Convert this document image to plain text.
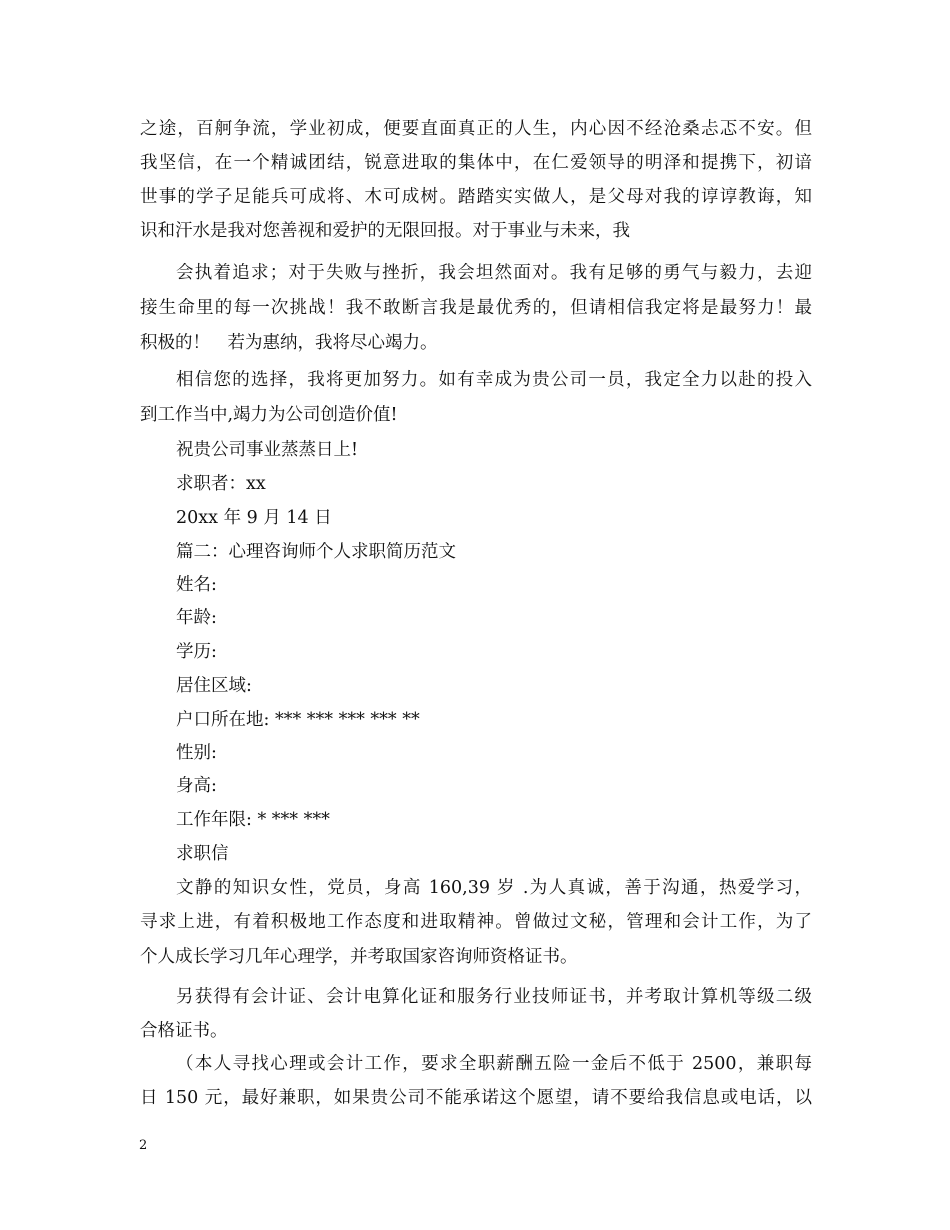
之途，百舸争流，学业初成，便要直面真正的人生，内心因不经沧桑忐忑不安。但
我坚信，在一个精诚团结，锐意进取的集体中，在仁爱领导的明泽和提携下，初谙
世事的学子足能兵可成将、木可成树。踏踏实实做人，是父母对我的谆谆教诲，知
识和汗水是我对您善视和爱护的无限回报。对于事业与未来，我
会执着追求；对于失败与挫折，我会坦然面对。我有足够的勇气与毅力，去迎
接生命里的每一次挑战！我不敢断言我是最优秀的，但请相信我定将是最努力！最
积极的！　若为惠纳，我将尽心竭力。
相信您的选择，我将更加努力。如有幸成为贵公司一员，我定全力以赴的投入
到工作当中,竭力为公司创造价值!
祝贵公司事业蒸蒸日上!
求职者：xx
20xx 年 9 月 14 日
篇二：心理咨询师个人求职简历范文
姓名:
年龄:
学历:
居住区域:
户口所在地: *** *** *** *** **
性别:
身高:
工作年限: * *** ***
求职信
文静的知识女性，党员，身高 160,39 岁 .为人真诚，善于沟通，热爱学习，
寻求上进，有着积极地工作态度和进取精神。曾做过文秘，管理和会计工作，为了
个人成长学习几年心理学，并考取国家咨询师资格证书。
另获得有会计证、会计电算化证和服务行业技师证书，并考取计算机等级二级
合格证书。
（本人寻找心理或会计工作，要求全职薪酬五险一金后不低于 2500，兼职每
日 150 元，最好兼职，如果贵公司不能承诺这个愿望，请不要给我信息或电话，以
2
